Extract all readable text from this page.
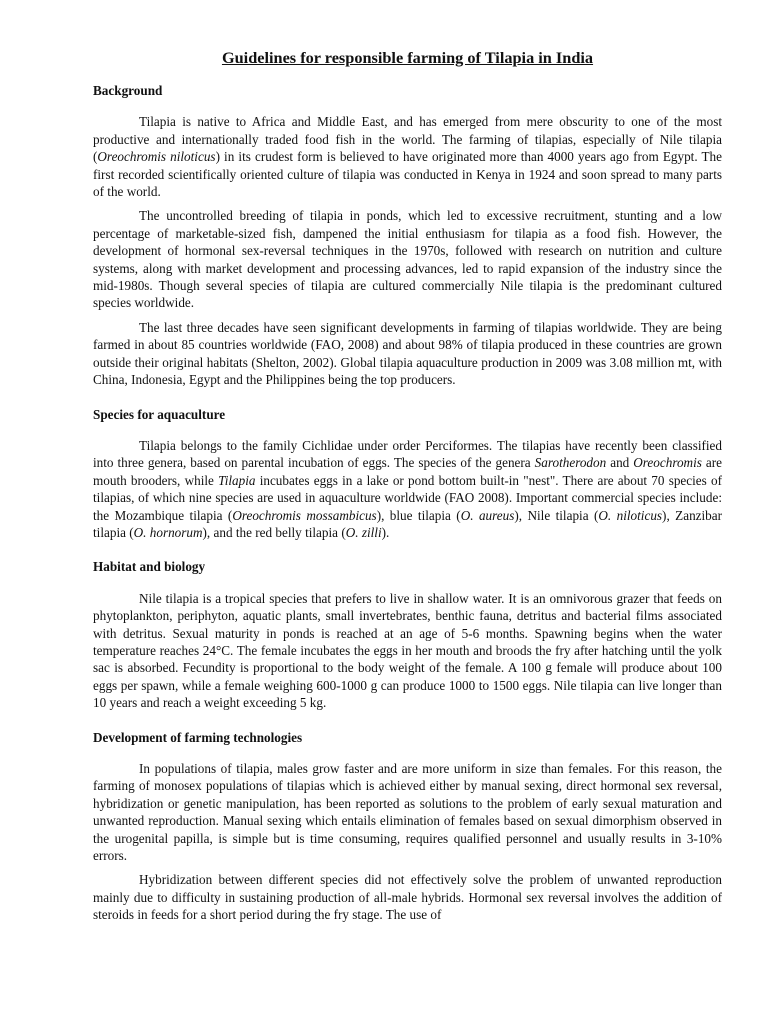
Guidelines for responsible farming of Tilapia in India
Background

Tilapia is native to Africa and Middle East, and has emerged from mere obscurity to one of the most productive and internationally traded food fish in the world. The farming of tilapias, especially of Nile tilapia (Oreochromis niloticus) in its crudest form is believed to have originated more than 4000 years ago from Egypt. The first recorded scientifically oriented culture of tilapia was conducted in Kenya in 1924 and soon spread to many parts of the world.

The uncontrolled breeding of tilapia in ponds, which led to excessive recruitment, stunting and a low percentage of marketable-sized fish, dampened the initial enthusiasm for tilapia as a food fish. However, the development of hormonal sex-reversal techniques in the 1970s, followed with research on nutrition and culture systems, along with market development and processing advances, led to rapid expansion of the industry since the mid-1980s. Though several species of tilapia are cultured commercially Nile tilapia is the predominant cultured species worldwide.

The last three decades have seen significant developments in farming of tilapias worldwide. They are being farmed in about 85 countries worldwide (FAO, 2008) and about 98% of tilapia produced in these countries are grown outside their original habitats (Shelton, 2002). Global tilapia aquaculture production in 2009 was 3.08 million mt, with China, Indonesia, Egypt and the Philippines being the top producers.

Species for aquaculture

Tilapia belongs to the family Cichlidae under order Perciformes. The tilapias have recently been classified into three genera, based on parental incubation of eggs. The species of the genera Sarotherodon and Oreochromis are mouth brooders, while Tilapia incubates eggs in a lake or pond bottom built-in "nest". There are about 70 species of tilapias, of which nine species are used in aquaculture worldwide (FAO 2008). Important commercial species include: the Mozambique tilapia (Oreochromis mossambicus), blue tilapia (O. aureus), Nile tilapia (O. niloticus), Zanzibar tilapia (O. hornorum), and the red belly tilapia (O. zilli).

Habitat and biology

Nile tilapia is a tropical species that prefers to live in shallow water. It is an omnivorous grazer that feeds on phytoplankton, periphyton, aquatic plants, small invertebrates, benthic fauna, detritus and bacterial films associated with detritus. Sexual maturity in ponds is reached at an age of 5-6 months. Spawning begins when the water temperature reaches 24°C. The female incubates the eggs in her mouth and broods the fry after hatching until the yolk sac is absorbed. Fecundity is proportional to the body weight of the female. A 100 g female will produce about 100 eggs per spawn, while a female weighing 600-1000 g can produce 1000 to 1500 eggs. Nile tilapia can live longer than 10 years and reach a weight exceeding 5 kg.

Development of farming technologies

In populations of tilapia, males grow faster and are more uniform in size than females. For this reason, the farming of monosex populations of tilapias which is achieved either by manual sexing, direct hormonal sex reversal, hybridization or genetic manipulation, has been reported as solutions to the problem of early sexual maturation and unwanted reproduction. Manual sexing which entails elimination of females based on sexual dimorphism observed in the urogenital papilla, is simple but is time consuming, requires qualified personnel and usually results in 3-10% errors.

Hybridization between different species did not effectively solve the problem of unwanted reproduction mainly due to difficulty in sustaining production of all-male hybrids. Hormonal sex reversal involves the addition of steroids in feeds for a short period during the fry stage. The use of
